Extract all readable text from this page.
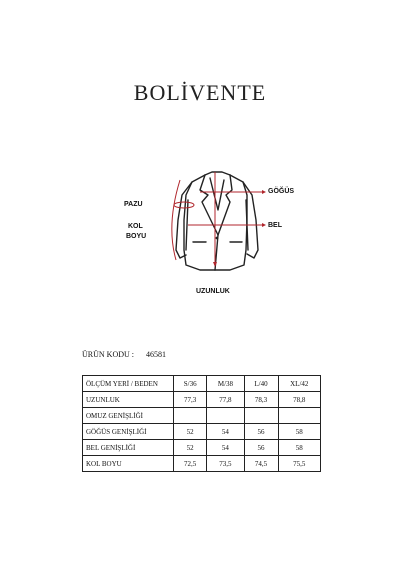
BOLİVENTE
PAZU
GÖĞÜS
KOL
BOYU
BEL
UZUNLUK
ÜRÜN KODU : 46581
ÖLÇÜM YERİ / BEDEN	S/36	M/38	L/40	XL/42
UZUNLUK	77,3	77,8	78,3	78,8
OMUZ GENİŞLİĞİ				
GÖĞÜS GENİŞLİĞİ	52	54	56	58
BEL GENİŞLİĞİ	52	54	56	58
KOL BOYU	72,5	73,5	74,5	75,5
